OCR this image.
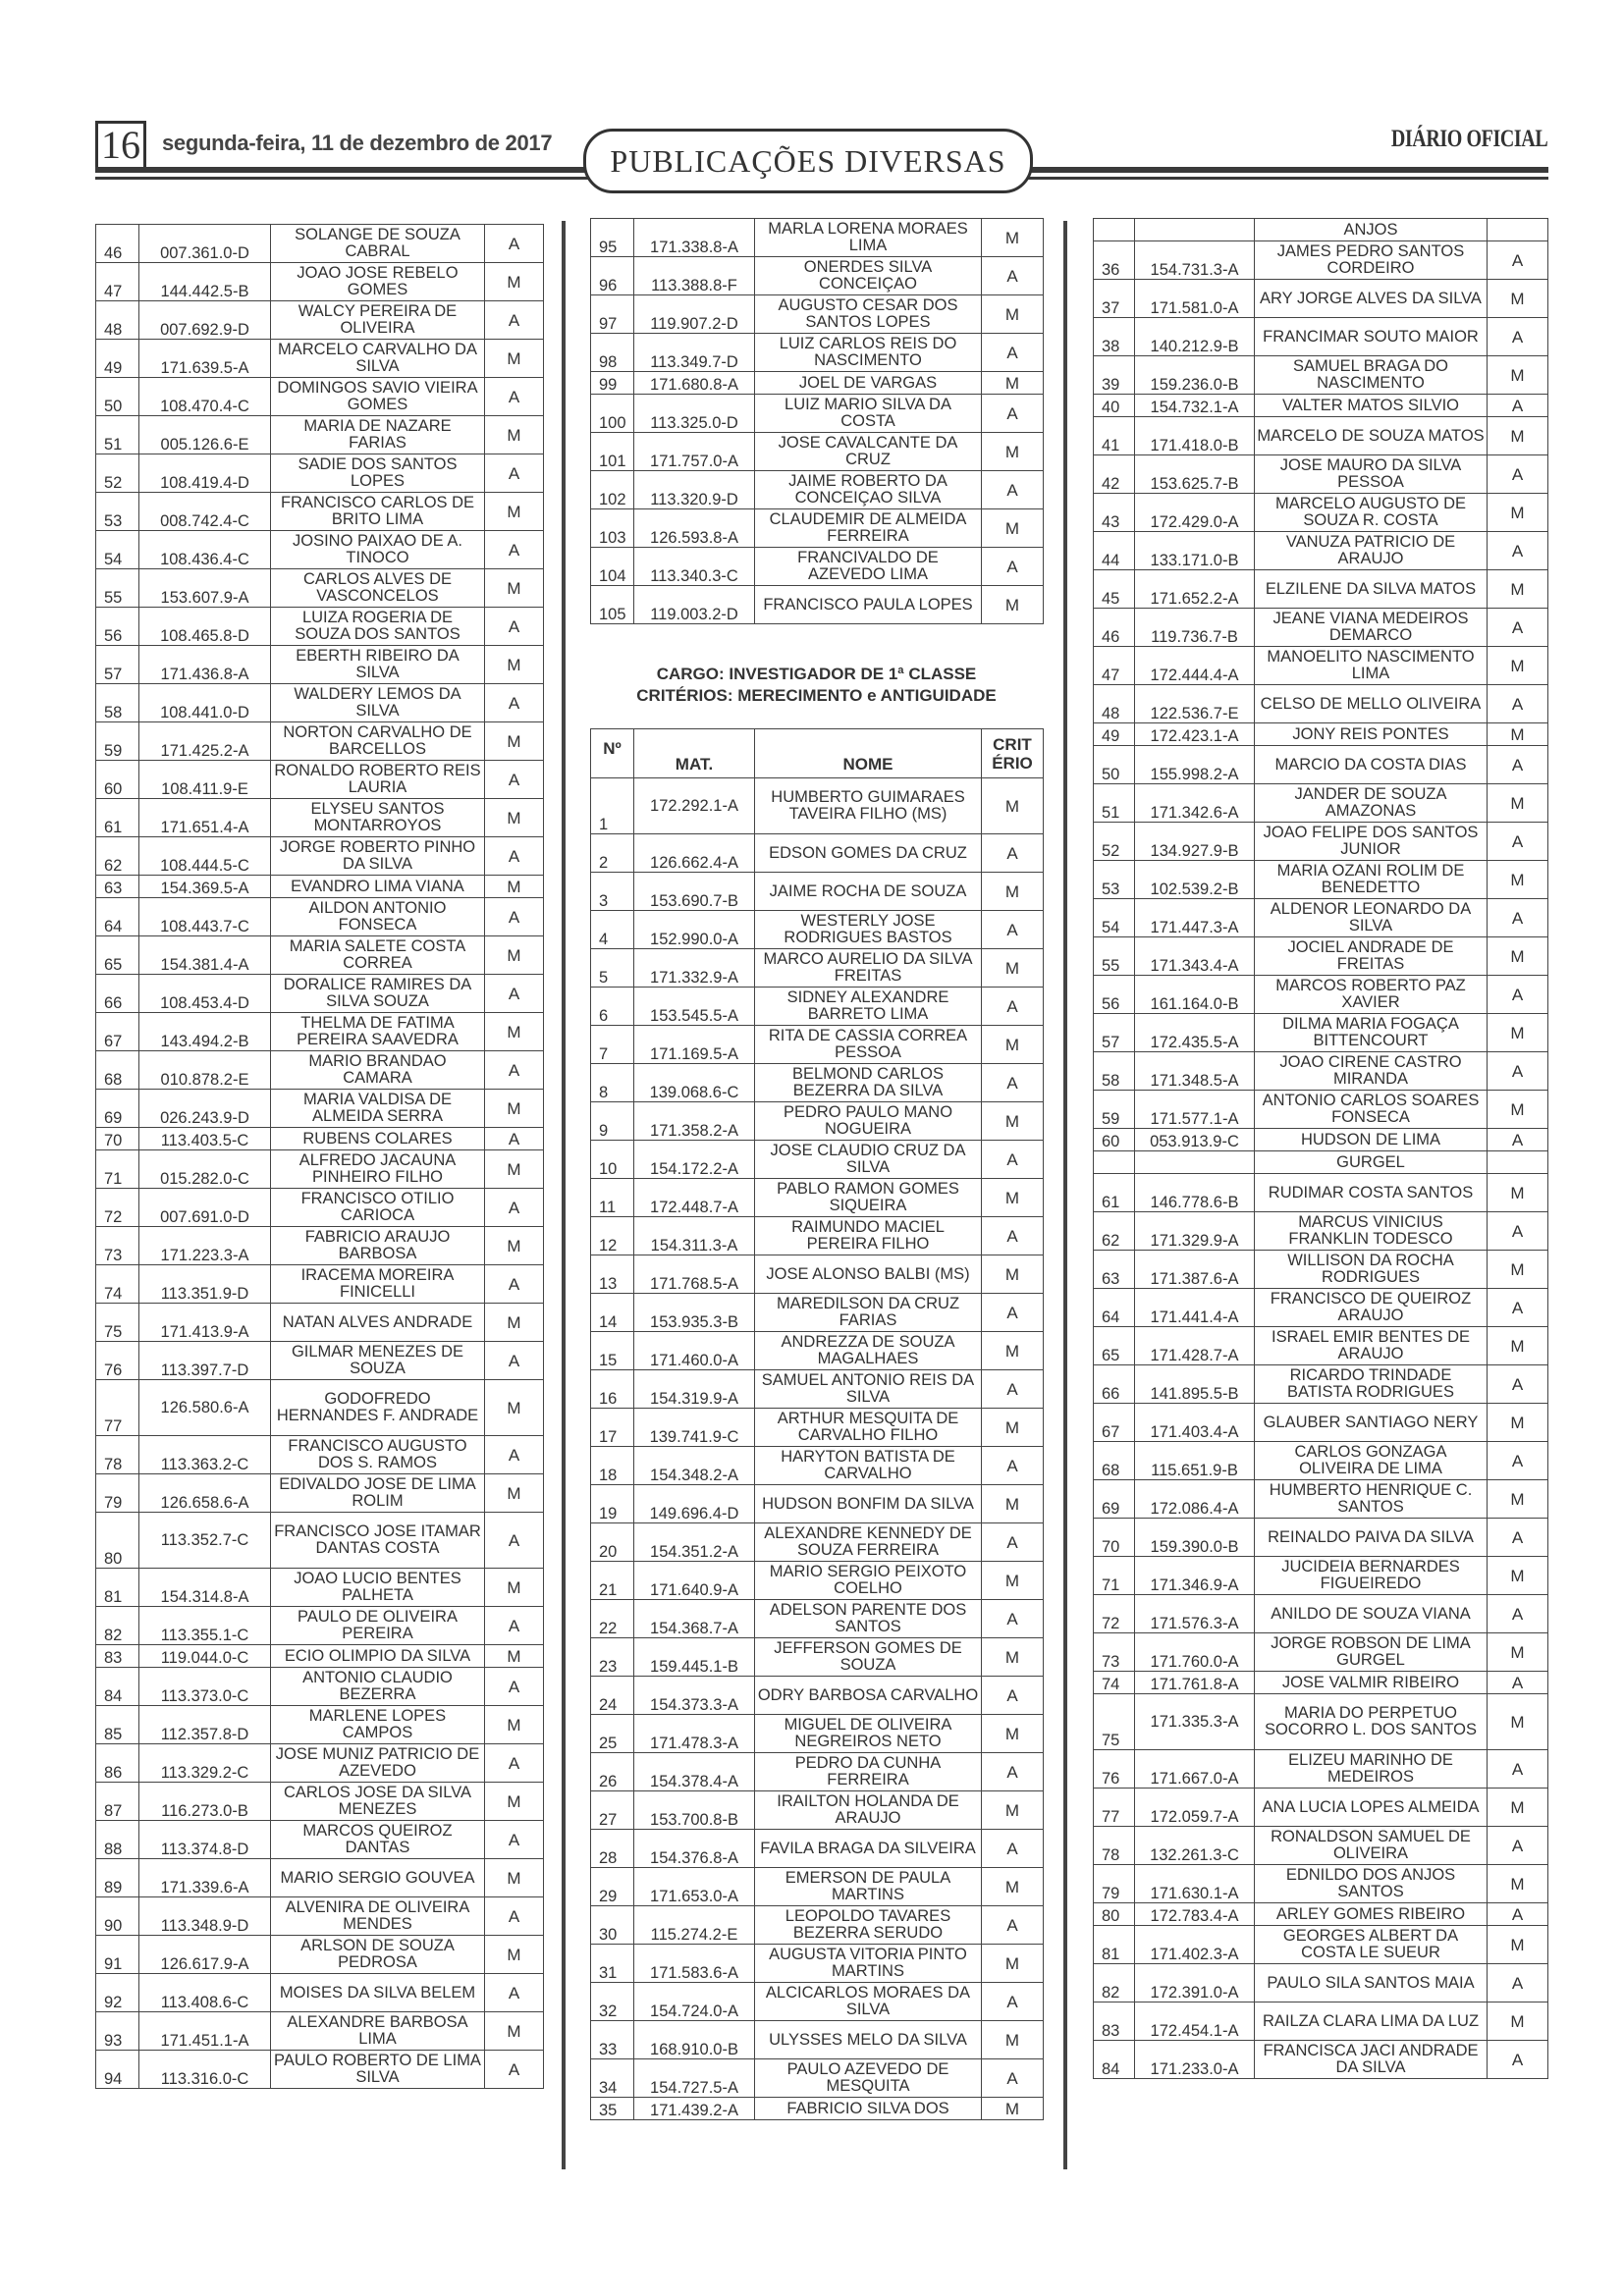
16 segunda-feira, 11 de dezembro de 2017
PUBLICAÇÕES DIVERSAS
DIÁRIO OFICIAL
46	007.361.0-D	SOLANGE DE SOUZA CABRAL	A
47	144.442.5-B	JOAO JOSE REBELO GOMES	M
48	007.692.9-D	WALCY PEREIRA DE OLIVEIRA	A
49	171.639.5-A	MARCELO CARVALHO DA SILVA	M
50	108.470.4-C	DOMINGOS SAVIO VIEIRA GOMES	A
51	005.126.6-E	MARIA DE NAZARE FARIAS	M
52	108.419.4-D	SADIE DOS SANTOS LOPES	A
53	008.742.4-C	FRANCISCO CARLOS DE BRITO LIMA	M
54	108.436.4-C	JOSINO PAIXAO DE A. TINOCO	A
55	153.607.9-A	CARLOS ALVES DE VASCONCELOS	M
56	108.465.8-D	LUIZA ROGERIA DE SOUZA DOS SANTOS	A
57	171.436.8-A	EBERTH RIBEIRO DA SILVA	M
58	108.441.0-D	WALDERY LEMOS DA SILVA	A
59	171.425.2-A	NORTON CARVALHO DE BARCELLOS	M
60	108.411.9-E	RONALDO ROBERTO REIS LAURIA	A
61	171.651.4-A	ELYSEU SANTOS MONTARROYOS	M
62	108.444.5-C	JORGE ROBERTO PINHO DA SILVA	A
63	154.369.5-A	EVANDRO LIMA VIANA	M
64	108.443.7-C	AILDON ANTONIO FONSECA	A
65	154.381.4-A	MARIA SALETE COSTA CORREA	M
66	108.453.4-D	DORALICE RAMIRES DA SILVA SOUZA	A
67	143.494.2-B	THELMA DE FATIMA PEREIRA SAAVEDRA	M
68	010.878.2-E	MARIO BRANDAO CAMARA	A
69	026.243.9-D	MARIA VALDISA DE ALMEIDA SERRA	M
70	113.403.5-C	RUBENS COLARES	A
71	015.282.0-C	ALFREDO JACAUNA PINHEIRO FILHO	M
72	007.691.0-D	FRANCISCO OTILIO CARIOCA	A
73	171.223.3-A	FABRICIO ARAUJO BARBOSA	M
74	113.351.9-D	IRACEMA MOREIRA FINICELLI	A
75	171.413.9-A	NATAN ALVES ANDRADE	M
76	113.397.7-D	GILMAR MENEZES DE SOUZA	A
77	126.580.6-A	GODOFREDO HERNANDES F. ANDRADE	M
78	113.363.2-C	FRANCISCO AUGUSTO DOS S. RAMOS	A
79	126.658.6-A	EDIVALDO JOSE DE LIMA ROLIM	M
80	113.352.7-C	FRANCISCO JOSE ITAMAR DANTAS COSTA	A
81	154.314.8-A	JOAO LUCIO BENTES PALHETA	M
82	113.355.1-C	PAULO DE OLIVEIRA PEREIRA	A
83	119.044.0-C	ECIO OLIMPIO DA SILVA	M
84	113.373.0-C	ANTONIO CLAUDIO BEZERRA	A
85	112.357.8-D	MARLENE LOPES CAMPOS	M
86	113.329.2-C	JOSE MUNIZ PATRICIO DE AZEVEDO	A
87	116.273.0-B	CARLOS JOSE DA SILVA MENEZES	M
88	113.374.8-D	MARCOS QUEIROZ DANTAS	A
89	171.339.6-A	MARIO SERGIO GOUVEA	M
90	113.348.9-D	ALVENIRA DE OLIVEIRA MENDES	A
91	126.617.9-A	ARLSON DE SOUZA PEDROSA	M
92	113.408.6-C	MOISES DA SILVA BELEM	A
93	171.451.1-A	ALEXANDRE BARBOSA LIMA	M
94	113.316.0-C	PAULO ROBERTO DE LIMA SILVA	A
95	171.338.8-A	MARLA LORENA MORAES LIMA	M
96	113.388.8-F	ONERDES SILVA CONCEIÇAO	A
97	119.907.2-D	AUGUSTO CESAR DOS SANTOS LOPES	M
98	113.349.7-D	LUIZ CARLOS REIS DO NASCIMENTO	A
99	171.680.8-A	JOEL DE VARGAS	M
100	113.325.0-D	LUIZ MARIO SILVA DA COSTA	A
101	171.757.0-A	JOSE CAVALCANTE DA CRUZ	M
102	113.320.9-D	JAIME ROBERTO DA CONCEIÇAO SILVA	A
103	126.593.8-A	CLAUDEMIR DE ALMEIDA FERREIRA	M
104	113.340.3-C	FRANCIVALDO DE AZEVEDO LIMA	A
105	119.003.2-D	FRANCISCO PAULA LOPES	M
CARGO: INVESTIGADOR DE 1ª CLASSE
CRITÉRIOS: MERECIMENTO e ANTIGUIDADE
Nº	MAT.	NOME	CRIT ÉRIO
1	172.292.1-A	HUMBERTO GUIMARAES TAVEIRA FILHO (MS)	M
2	126.662.4-A	EDSON GOMES DA CRUZ	A
3	153.690.7-B	JAIME ROCHA DE SOUZA	M
4	152.990.0-A	WESTERLY JOSE RODRIGUES BASTOS	A
5	171.332.9-A	MARCO AURELIO DA SILVA FREITAS	M
6	153.545.5-A	SIDNEY ALEXANDRE BARRETO LIMA	A
7	171.169.5-A	RITA DE CASSIA CORREA PESSOA	M
8	139.068.6-C	BELMOND CARLOS BEZERRA DA SILVA	A
9	171.358.2-A	PEDRO PAULO MANO NOGUEIRA	M
10	154.172.2-A	JOSE CLAUDIO CRUZ DA SILVA	A
11	172.448.7-A	PABLO RAMON GOMES SIQUEIRA	M
12	154.311.3-A	RAIMUNDO MACIEL PEREIRA FILHO	A
13	171.768.5-A	JOSE ALONSO BALBI (MS)	M
14	153.935.3-B	MAREDILSON DA CRUZ FARIAS	A
15	171.460.0-A	ANDREZZA DE SOUZA MAGALHAES	M
16	154.319.9-A	SAMUEL ANTONIO REIS DA SILVA	A
17	139.741.9-C	ARTHUR MESQUITA DE CARVALHO FILHO	M
18	154.348.2-A	HARYTON BATISTA DE CARVALHO	A
19	149.696.4-D	HUDSON BONFIM DA SILVA	M
20	154.351.2-A	ALEXANDRE KENNEDY DE SOUZA FERREIRA	A
21	171.640.9-A	MARIO SERGIO PEIXOTO COELHO	M
22	154.368.7-A	ADELSON PARENTE DOS SANTOS	A
23	159.445.1-B	JEFFERSON GOMES DE SOUZA	M
24	154.373.3-A	ODRY BARBOSA CARVALHO	A
25	171.478.3-A	MIGUEL DE OLIVEIRA NEGREIROS NETO	M
26	154.378.4-A	PEDRO DA CUNHA FERREIRA	A
27	153.700.8-B	IRAILTON HOLANDA DE ARAUJO	M
28	154.376.8-A	FAVILA BRAGA DA SILVEIRA	A
29	171.653.0-A	EMERSON DE PAULA MARTINS	M
30	115.274.2-E	LEOPOLDO TAVARES BEZERRA SERUDO	A
31	171.583.6-A	AUGUSTA VITORIA PINTO MARTINS	M
32	154.724.0-A	ALCICARLOS MORAES DA SILVA	A
33	168.910.0-B	ULYSSES MELO DA SILVA	M
34	154.727.5-A	PAULO AZEVEDO DE MESQUITA	A
35	171.439.2-A	FABRICIO SILVA DOS	M
		ANJOS	
36	154.731.3-A	JAMES PEDRO SANTOS CORDEIRO	A
37	171.581.0-A	ARY JORGE ALVES DA SILVA	M
38	140.212.9-B	FRANCIMAR SOUTO MAIOR	A
39	159.236.0-B	SAMUEL BRAGA DO NASCIMENTO	M
40	154.732.1-A	VALTER MATOS SILVIO	A
41	171.418.0-B	MARCELO DE SOUZA MATOS	M
42	153.625.7-B	JOSE MAURO DA SILVA PESSOA	A
43	172.429.0-A	MARCELO AUGUSTO DE SOUZA R. COSTA	M
44	133.171.0-B	VANUZA PATRICIO DE ARAUJO	A
45	171.652.2-A	ELZILENE DA SILVA MATOS	M
46	119.736.7-B	JEANE VIANA MEDEIROS DEMARCO	A
47	172.444.4-A	MANOELITO NASCIMENTO LIMA	M
48	122.536.7-E	CELSO DE MELLO OLIVEIRA	A
49	172.423.1-A	JONY REIS PONTES	M
50	155.998.2-A	MARCIO DA COSTA DIAS	A
51	171.342.6-A	JANDER DE SOUZA AMAZONAS	M
52	134.927.9-B	JOAO FELIPE DOS SANTOS JUNIOR	A
53	102.539.2-B	MARIA OZANI ROLIM DE BENEDETTO	M
54	171.447.3-A	ALDENOR LEONARDO DA SILVA	A
55	171.343.4-A	JOCIEL ANDRADE DE FREITAS	M
56	161.164.0-B	MARCOS ROBERTO PAZ XAVIER	A
57	172.435.5-A	DILMA MARIA FOGAÇA BITTENCOURT	M
58	171.348.5-A	JOAO CIRENE CASTRO MIRANDA	A
59	171.577.1-A	ANTONIO CARLOS SOARES FONSECA	M
60	053.913.9-C	HUDSON DE LIMA	A
		GURGEL	
61	146.778.6-B	RUDIMAR COSTA SANTOS	M
62	171.329.9-A	MARCUS VINICIUS FRANKLIN TODESCO	A
63	171.387.6-A	WILLISON DA ROCHA RODRIGUES	M
64	171.441.4-A	FRANCISCO DE QUEIROZ ARAUJO	A
65	171.428.7-A	ISRAEL EMIR BENTES DE ARAUJO	M
66	141.895.5-B	RICARDO TRINDADE BATISTA RODRIGUES	A
67	171.403.4-A	GLAUBER SANTIAGO NERY	M
68	115.651.9-B	CARLOS GONZAGA OLIVEIRA DE LIMA	A
69	172.086.4-A	HUMBERTO HENRIQUE C. SANTOS	M
70	159.390.0-B	REINALDO PAIVA DA SILVA	A
71	171.346.9-A	JUCIDEIA BERNARDES FIGUEIREDO	M
72	171.576.3-A	ANILDO DE SOUZA VIANA	A
73	171.760.0-A	JORGE ROBSON DE LIMA GURGEL	M
74	171.761.8-A	JOSE VALMIR RIBEIRO	A
75	171.335.3-A	MARIA DO PERPETUO SOCORRO L. DOS SANTOS	M
76	171.667.0-A	ELIZEU MARINHO DE MEDEIROS	A
77	172.059.7-A	ANA LUCIA LOPES ALMEIDA	M
78	132.261.3-C	RONALDSON SAMUEL DE OLIVEIRA	A
79	171.630.1-A	EDNILDO DOS ANJOS SANTOS	M
80	172.783.4-A	ARLEY GOMES RIBEIRO	A
81	171.402.3-A	GEORGES ALBERT DA COSTA LE SUEUR	M
82	172.391.0-A	PAULO SILA SANTOS MAIA	A
83	172.454.1-A	RAILZA CLARA LIMA DA LUZ	M
84	171.233.0-A	FRANCISCA JACI ANDRADE DA SILVA	A
